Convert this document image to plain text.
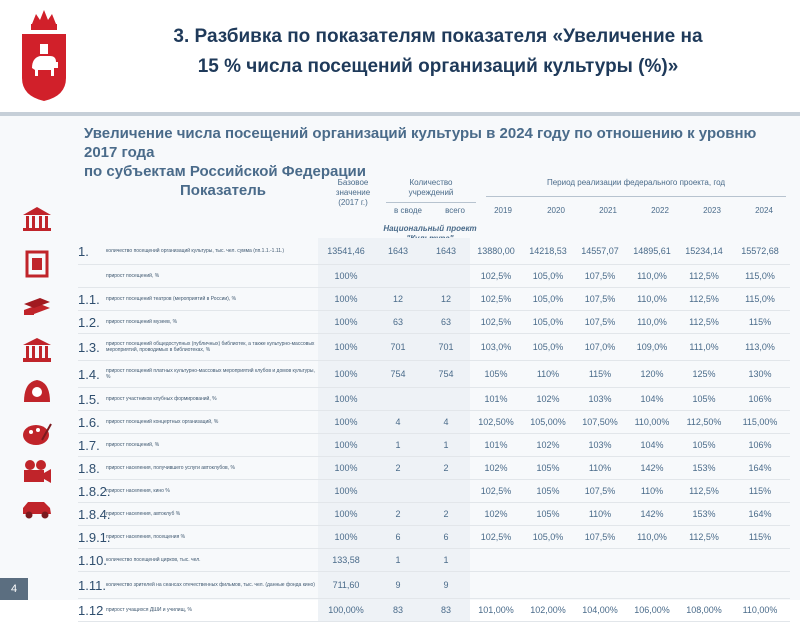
3. Разбивка по показателям показателя «Увеличение на
15 % числа посещений организаций культуры (%)»
Увеличение числа посещений организаций культуры в 2024 году по отношению к уровню 2017 года
по субъектам Российской Федерации
Показатель	Базовое
значение
(2017 г.)
Количество
учреждений
в своде	всего
Период реализации федерального проекта, год
2019	2020	2021	2022	2023	2024
Национальный проект
1.	количество посещений организаций культуры, тыс. чел. сумма (пп.1.1.-1.11.)	13541,46	1643	1643	13880,00	14218,53	14557,07	14895,61	15234,14	15572,68
	прирост посещений, %	100%			102,5%	105,0%	107,5%	110,0%	112,5%	115,0%
1.1.	прирост посещений театров (мероприятий в России), %	100%	12	12	102,5%	105,0%	107,5%	110,0%	112,5%	115,0%
1.2.	прирост посещений музеев, %	100%	63	63	102,5%	105,0%	107,5%	110,0%	112,5%	115%
1.3.	прирост посещений общедоступных (публичных) библиотек, а также культурно-массовых мероприятий, проводимых в библиотеках, %	100%	701	701	103,0%	105,0%	107,0%	109,0%	111,0%	113,0%
1.4.	прирост посещений платных культурно-массовых мероприятий клубов и домов культуры, %	100%	754	754	105%	110%	115%	120%	125%	130%
1.5.	прирост участников клубных формирований, %	100%			101%	102%	103%	104%	105%	106%
1.6.	прирост посещений концертных организаций, %	100%	4	4	102,50%	105,00%	107,50%	110,00%	112,50%	115,00%
1.7.	прирост посещений, %	100%	1	1	101%	102%	103%	104%	105%	106%
1.8.	прирост населения, получившего услуги автоклубов, %	100%	2	2	102%	105%	110%	142%	153%	164%
1.8.2.	прирост населения, кино %	100%			102,5%	105%	107,5%	110%	112,5%	115%
1.8.4.	прирост населения, автоклуб %	100%	2	2	102%	105%	110%	142%	153%	164%
1.9.1.	прирост населения, посещения %	100%	6	6	102,5%	105,0%	107,5%	110,0%	112,5%	115%
1.10.	количество посещений цирков, тыс. чел.	133,58	1	1						
1.11.	количество зрителей на сеансах отечественных фильмов, тыс. чел. (данные фонда кино)	711,60	9	9						
1.12	прирост учащихся ДШИ и училищ, %	100,00%	83	83	101,00%	102,00%	104,00%	106,00%	108,00%	110,00%
4
